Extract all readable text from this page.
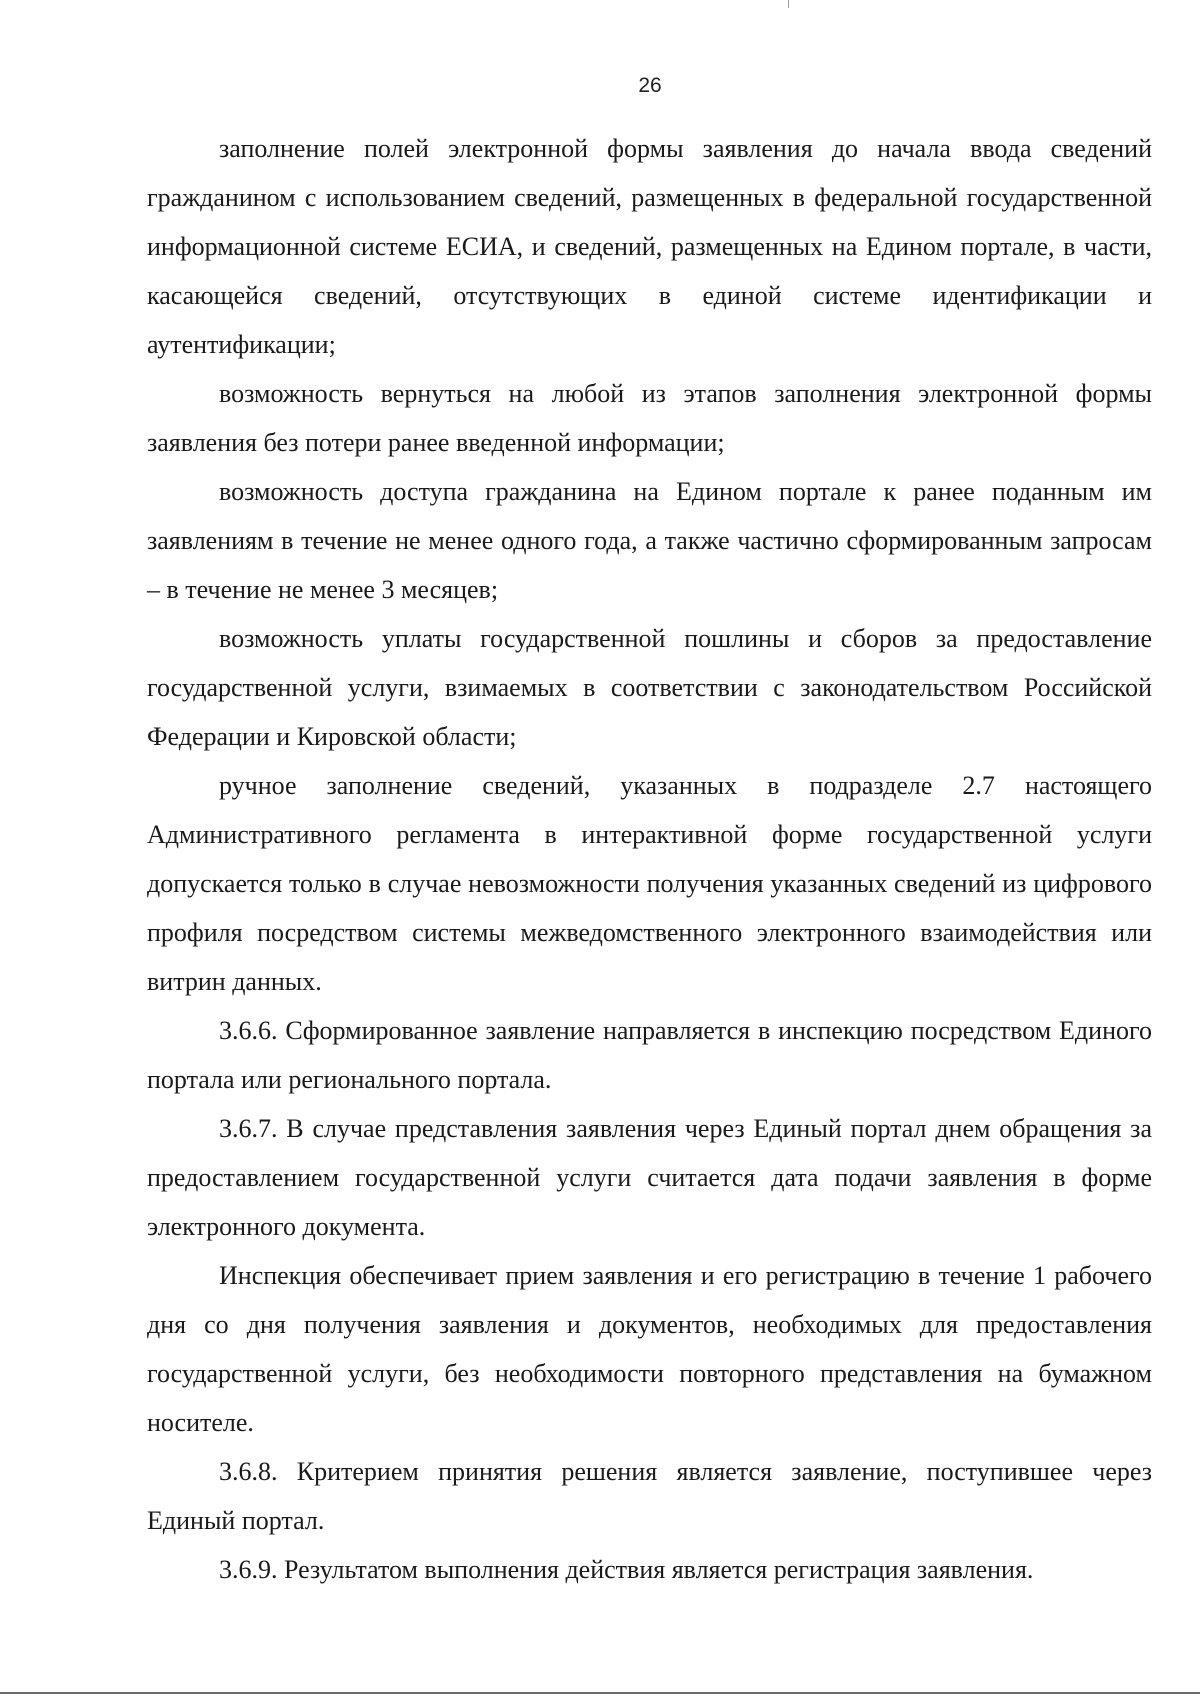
26

заполнение полей электронной формы заявления до начала ввода сведений гражданином с использованием сведений, размещенных в федеральной государственной информационной системе ЕСИА, и сведений, размещенных на Едином портале, в части, касающейся сведений, отсутствующих в единой системе идентификации и аутентификации;

возможность вернуться на любой из этапов заполнения электронной формы заявления без потери ранее введенной информации;

возможность доступа гражданина на Едином портале к ранее поданным им заявлениям в течение не менее одного года, а также частично сформированным запросам – в течение не менее 3 месяцев;

возможность уплаты государственной пошлины и сборов за предоставление государственной услуги, взимаемых в соответствии с законодательством Российской Федерации и Кировской области;

ручное заполнение сведений, указанных в подразделе 2.7 настоящего Административного регламента в интерактивной форме государственной услуги допускается только в случае невозможности получения указанных сведений из цифрового профиля посредством системы межведомственного электронного взаимодействия или витрин данных.

3.6.6. Сформированное заявление направляется в инспекцию посредством Единого портала или регионального портала.

3.6.7. В случае представления заявления через Единый портал днем обращения за предоставлением государственной услуги считается дата подачи заявления в форме электронного документа.

Инспекция обеспечивает прием заявления и его регистрацию в течение 1 рабочего дня со дня получения заявления и документов, необходимых для предоставления государственной услуги, без необходимости повторного представления на бумажном носителе.

3.6.8. Критерием принятия решения является заявление, поступившее через Единый портал.

3.6.9. Результатом выполнения действия является регистрация заявления.
